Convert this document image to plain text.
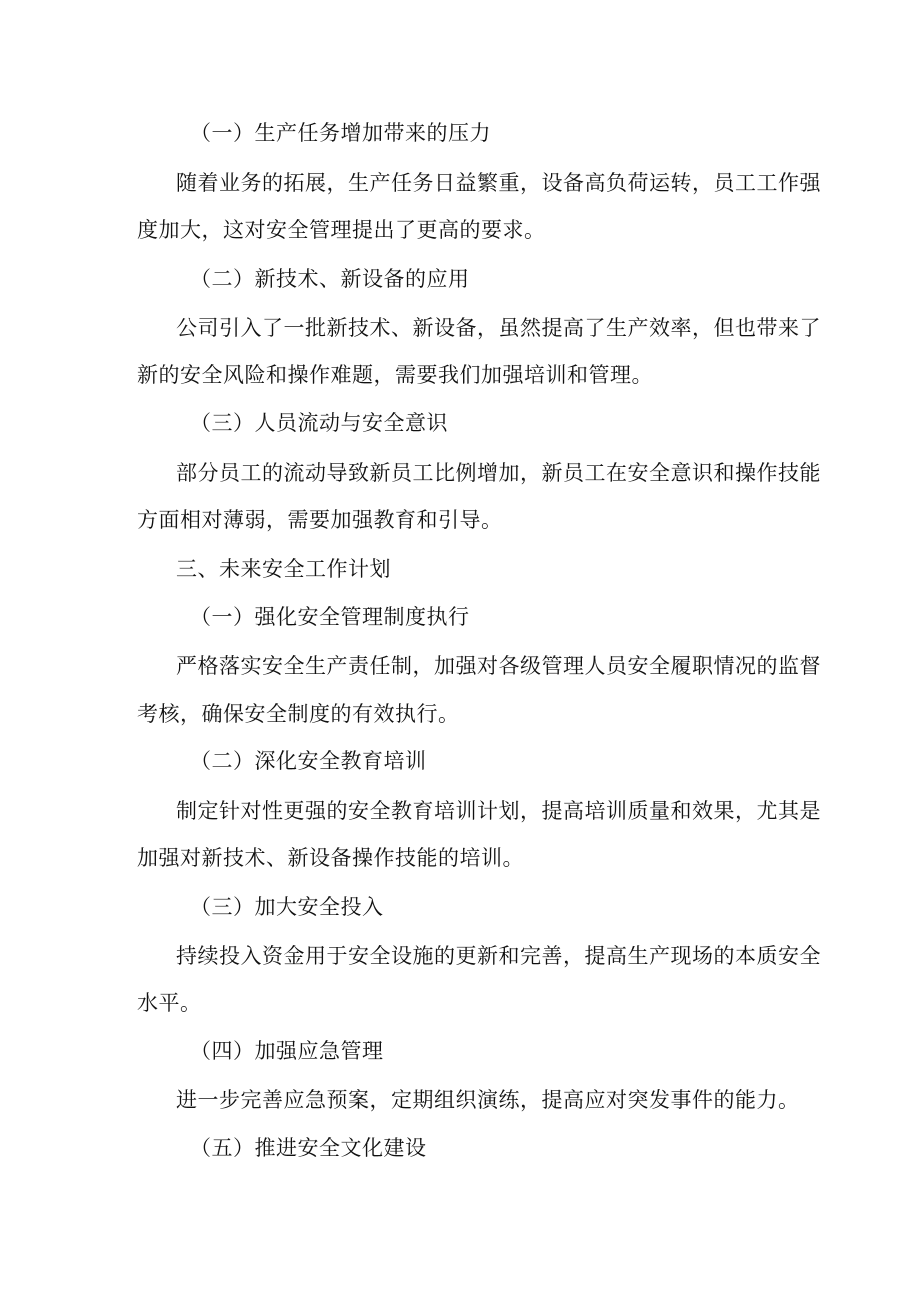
（一）生产任务增加带来的压力
随着业务的拓展，生产任务日益繁重，设备高负荷运转，员工工作强
度加大，这对安全管理提出了更高的要求。
（二）新技术、新设备的应用
公司引入了一批新技术、新设备，虽然提高了生产效率，但也带来了
新的安全风险和操作难题，需要我们加强培训和管理。
（三）人员流动与安全意识
部分员工的流动导致新员工比例增加，新员工在安全意识和操作技能
方面相对薄弱，需要加强教育和引导。
三、未来安全工作计划
（一）强化安全管理制度执行
严格落实安全生产责任制，加强对各级管理人员安全履职情况的监督
考核，确保安全制度的有效执行。
（二）深化安全教育培训
制定针对性更强的安全教育培训计划，提高培训质量和效果，尤其是
加强对新技术、新设备操作技能的培训。
（三）加大安全投入
持续投入资金用于安全设施的更新和完善，提高生产现场的本质安全
水平。
（四）加强应急管理
进一步完善应急预案，定期组织演练，提高应对突发事件的能力。
（五）推进安全文化建设
